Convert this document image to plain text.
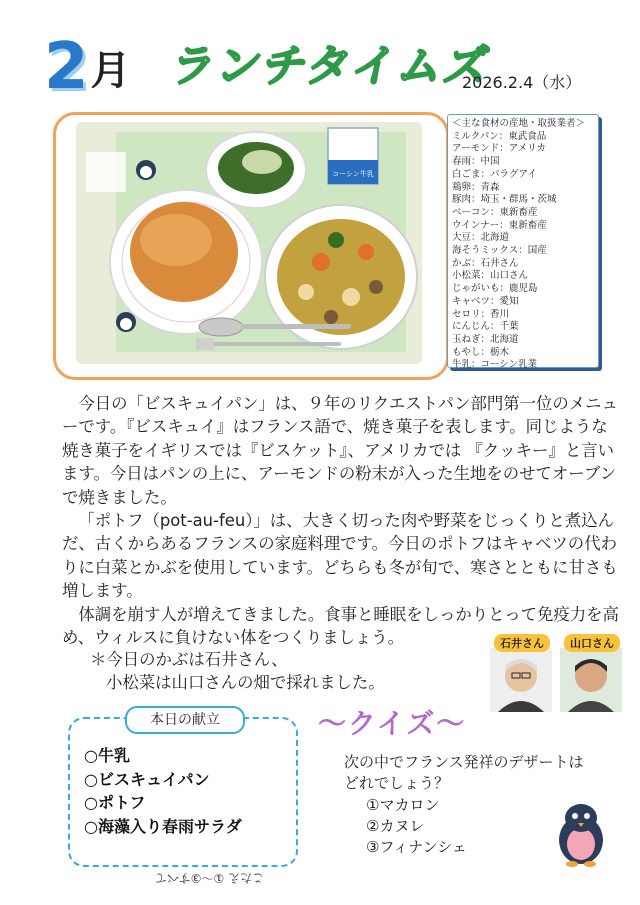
2 月 ランチタイムズ
2026.2.4（水）
コーシン牛乳
＜主な食材の産地・取扱業者＞
ミルクパン：東武食品
アーモンド：アメリカ
春雨：中国
白ごま：パラグアイ
鶏卵：青森
豚肉：埼玉・群馬・茨城
ベーコン：東新畜産
ウインナー：東新畜産
大豆：北海道
海そうミックス：国産
かぶ：石井さん
小松菜：山口さん
じゃがいも：鹿児島
キャベツ：愛知
セロリ：香川
にんじん：千葉
玉ねぎ：北海道
もやし：栃木
牛乳：コーシン乳業

今日の「ビスキュイパン」は、９年のリクエストパン部門第一位のメニューです。『ビスキュイ』はフランス語で、焼き菓子を表します。同じような焼き菓子をイギリスでは『ビスケット』、アメリカでは 『クッキー』と言います。今日はパンの上に、アーモンドの粉末が入った生地をのせてオーブンで焼きました。

「ポトフ（pot-au-feu）」は、大きく切った肉や野菜をじっくりと煮込んだ、古くからあるフランスの家庭料理です。今日のポトフはキャベツの代わりに白菜とかぶを使用しています。どちらも冬が旬で、寒さとともに甘さも増します。

体調を崩す人が増えてきました。食事と睡眠をしっかりとって免疫力を高め、ウィルスに負けない体をつくりましょう。

＊今日のかぶは石井さん、
小松菜は山口さんの畑で採れました。
石井さん	山口さん
本日の献立
○牛乳
○ビスキュイパン
○ポトフ
○海藻入り春雨サラダ
～クイズ～
次の中でフランス発祥のデザートは
どれでしょう？
①マカロン
②カヌレ
③フィナンシェ
こたえ ①～③すべて
